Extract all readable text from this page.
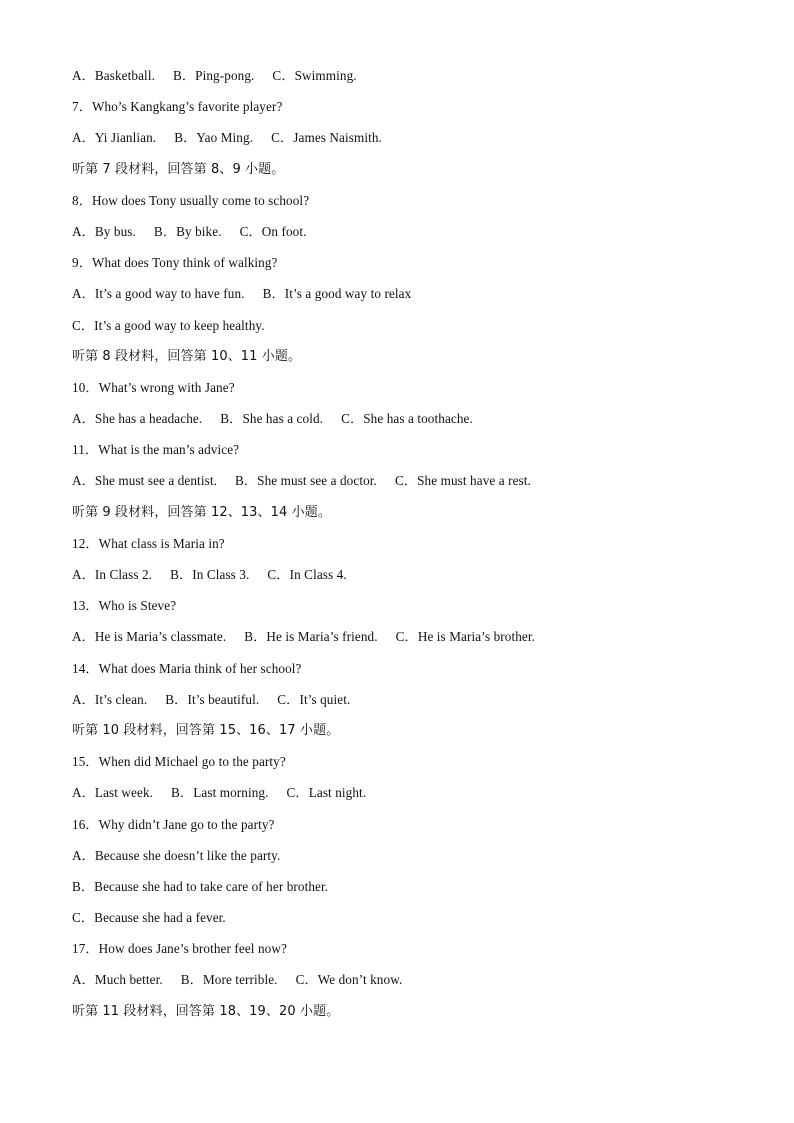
A．Basketball. B．Ping-pong. C．Swimming.
7．Who’s Kangkang’s favorite player?
A．Yi Jianlian. B．Yao Ming. C．James Naismith.
听第 7 段材料，回答第 8、9 小题。
8．How does Tony usually come to school?
A．By bus. B．By bike. C．On foot.
9．What does Tony think of walking?
A．It’s a good way to have fun. B．It’s a good way to relax
C．It’s a good way to keep healthy.
听第 8 段材料，回答第 10、11 小题。
10．What’s wrong with Jane?
A．She has a headache. B．She has a cold. C．She has a toothache.
11．What is the man’s advice?
A．She must see a dentist. B．She must see a doctor. C．She must have a rest.
听第 9 段材料，回答第 12、13、14 小题。
12．What class is Maria in?
A．In Class 2. B．In Class 3. C．In Class 4.
13．Who is Steve?
A．He is Maria’s classmate. B．He is Maria’s friend. C．He is Maria’s brother.
14．What does Maria think of her school?
A．It’s clean. B．It’s beautiful. C．It’s quiet.
听第 10 段材料，回答第 15、16、17 小题。
15．When did Michael go to the party?
A．Last week. B．Last morning. C．Last night.
16．Why didn’t Jane go to the party?
A．Because she doesn’t like the party.
B．Because she had to take care of her brother.
C．Because she had a fever.
17．How does Jane’s brother feel now?
A．Much better. B．More terrible. C．We don’t know.
听第 11 段材料，回答第 18、19、20 小题。
